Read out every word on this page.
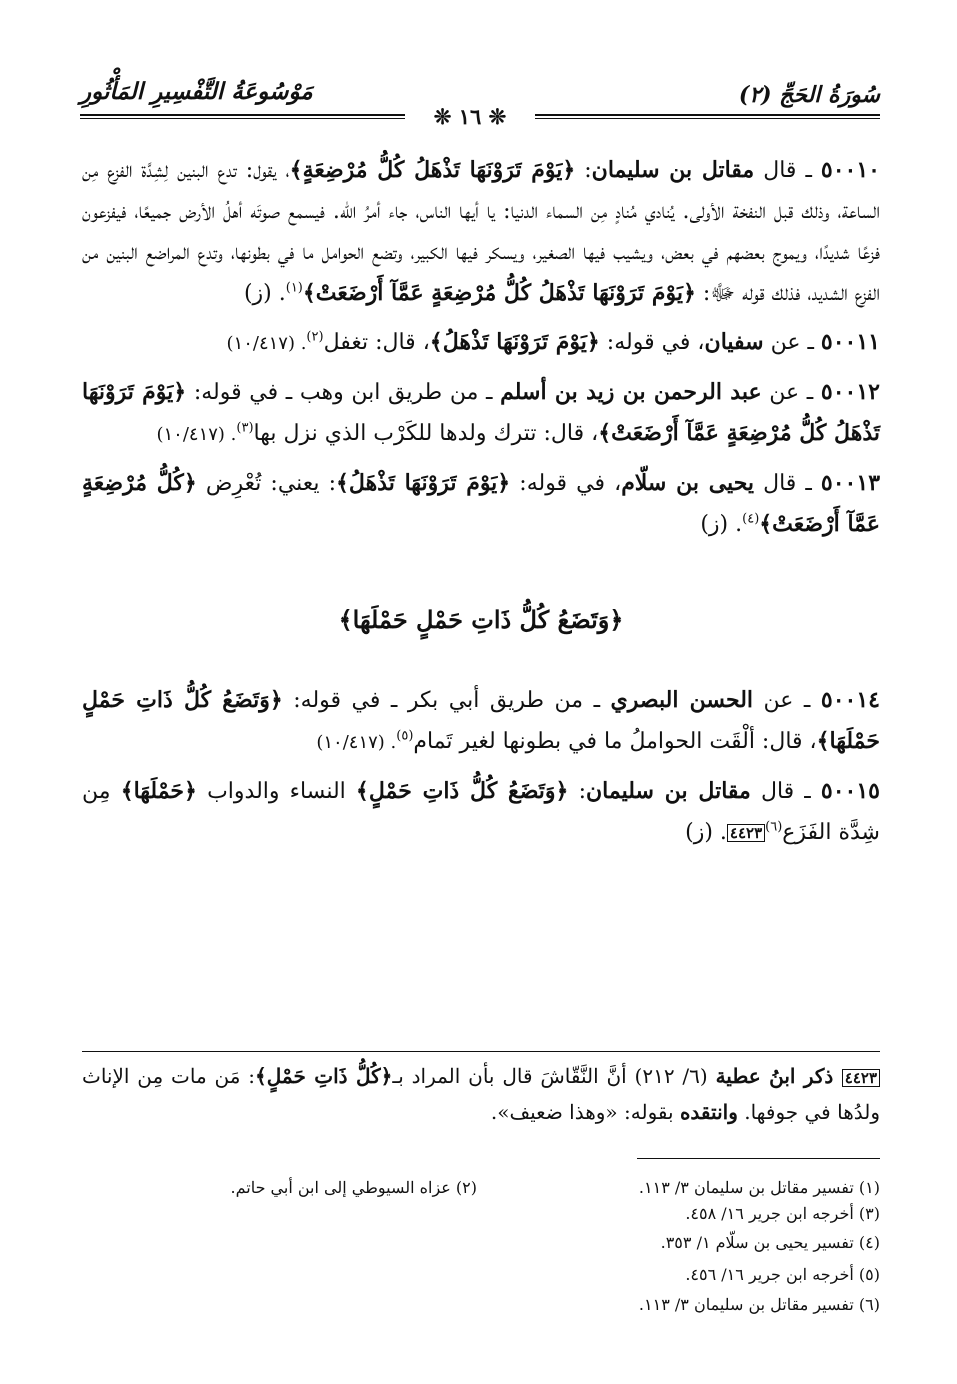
سُورَةُ الحَجِّ (٢)
مَوْسُوعَةُ التَّفْسِيرِ المَأْثُورِ
❊ ١٦ ❊

٥٠٠١٠ ـ قال مقاتل بن سليمان: ﴿يَوْمَ تَرَوْنَهَا تَذْهَلُ كُلُّ مُرْضِعَةٍ﴾، يقول: تدع البنين لِشِدَّة الفزع مِن الساعة، وذلك قبل النفخة الأولى. يُنادي مُنادٍ مِن السماء الدنيا: يا أيها الناس، جاء أمرُ الله. فيسمع صوتَه أهلُ الأرض جميعًا، فيفزعون فزعًا شديدًا، ويموج بعضهم في بعض، ويشيب فيها الصغير، ويسكر فيها الكبير، وتضع الحوامل ما في بطونها، وتدع المراضع البنين من الفزع الشديد، فذلك قوله ﷻ: ﴿يَوْمَ تَرَوْنَهَا تَذْهَلُ كُلُّ مُرْضِعَةٍ عَمَّآ أَرْضَعَتْ﴾$^{(١)}$. (ز)

٥٠٠١١ ـ عن سفيان، في قوله: ﴿يَوْمَ تَرَوْنَهَا تَذْهَلُ﴾، قال: تغفل$^{(٢)}$. (١٠/٤١٧)

٥٠٠١٢ ـ عن عبد الرحمن بن زيد بن أسلم ـ من طريق ابن وهب ـ في قوله: ﴿يَوْمَ تَرَوْنَهَا تَذْهَلُ كُلُّ مُرْضِعَةٍ عَمَّآ أَرْضَعَتْ﴾، قال: تترك ولدها للكَرْب الذي نزل بها$^{(٣)}$. (١٠/٤١٧)

٥٠٠١٣ ـ قال يحيى بن سلّام، في قوله: ﴿يَوْمَ تَرَوْنَهَا تَذْهَلُ﴾: يعني: تُعْرِض ﴿كُلُّ مُرْضِعَةٍ عَمَّآ أَرْضَعَتْ﴾$^{(٤)}$. (ز)

﴿وَتَضَعُ كُلُّ ذَاتِ حَمْلٍ حَمْلَهَا﴾

٥٠٠١٤ ـ عن الحسن البصري ـ من طريق أبي بكر ـ في قوله: ﴿وَتَضَعُ كُلُّ ذَاتِ حَمْلٍ حَمْلَهَا﴾، قال: ألْقَت الحواملُ ما في بطونها لغير تَمام$^{(٥)}$. (١٠/٤١٧)

٥٠٠١٥ ـ قال مقاتل بن سليمان: ﴿وَتَضَعُ كُلُّ ذَاتِ حَمْلٍ﴾ النساء والدواب ﴿حَمْلَهَا﴾ مِن شِدَّة الفَزَع$^{(٦)}$٤٤٢٣. (ز)

٤٤٢٣ ذكر ابنُ عطية (٦/ ٢١٢) أنَّ النَّقّاشَ قال بأن المراد بـ﴿كُلُّ ذَاتِ حَمْلٍ﴾: مَن مات مِن الإناث ولدُها في جوفها. وانتقده بقوله: «وهذا ضعيف».
(١) تفسير مقاتل بن سليمان ٣/ ١١٣.
(٢) عزاه السيوطي إلى ابن أبي حاتم.
(٣) أخرجه ابن جرير ١٦/ ٤٥٨.
(٤) تفسير يحيى بن سلّام ١/ ٣٥٣.
(٥) أخرجه ابن جرير ١٦/ ٤٥٦.
(٦) تفسير مقاتل بن سليمان ٣/ ١١٣.
